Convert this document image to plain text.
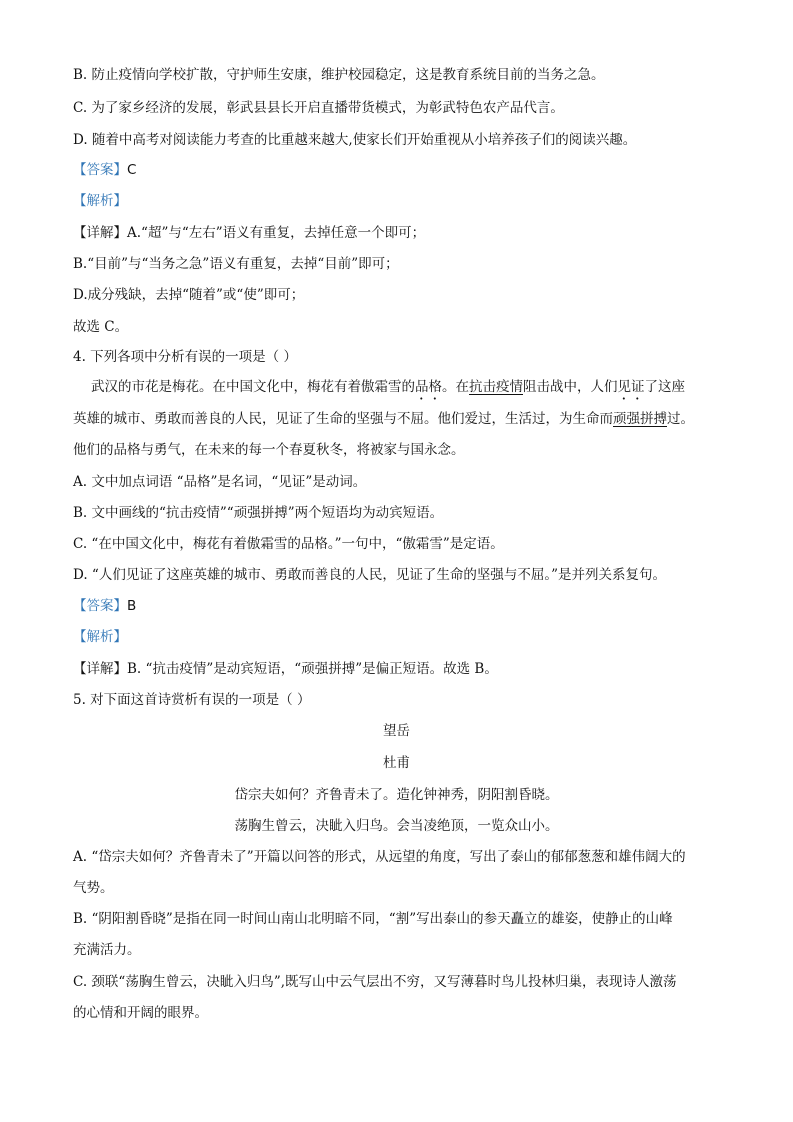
B. 防止疫情向学校扩散，守护师生安康，维护校园稳定，这是教育系统目前的当务之急。
C. 为了家乡经济的发展，彰武县县长开启直播带货模式，为彰武特色农产品代言。
D. 随着中高考对阅读能力考查的比重越来越大,使家长们开始重视从小培养孩子们的阅读兴趣。
【答案】C
【解析】
【详解】A.“超”与“左右”语义有重复，去掉任意一个即可；
B.“目前”与“当务之急”语义有重复，去掉“目前”即可；
D.成分残缺，去掉“随着”或“使”即可；
故选 C。
4. 下列各项中分析有误的一项是（ ）
武汉的市花是梅花。在中国文化中，梅花有着傲霜雪的品格。在抗击疫情阻击战中，人们见证了这座
英雄的城市、勇敢而善良的人民，见证了生命的坚强与不屈。他们爱过，生活过，为生命而顽强拼搏过。
他们的品格与勇气，在未来的每一个春夏秋冬，将被家与国永念。
A. 文中加点词语 “品格”是名词，“见证”是动词。
B. 文中画线的“抗击疫情”“顽强拼搏”两个短语均为动宾短语。
C. “在中国文化中，梅花有着傲霜雪的品格。”一句中，“傲霜雪”是定语。
D. “人们见证了这座英雄的城市、勇敢而善良的人民，见证了生命的坚强与不屈。”是并列关系复句。
【答案】B
【解析】
【详解】B. “抗击疫情”是动宾短语，“顽强拼搏”是偏正短语。故选 B。
5. 对下面这首诗赏析有误的一项是（ ）
望岳
杜甫
岱宗夫如何？齐鲁青未了。造化钟神秀，阴阳割昏晓。
荡胸生曾云，决眦入归鸟。会当凌绝顶，一览众山小。
A. “岱宗夫如何？齐鲁青未了”开篇以问答的形式，从远望的角度，写出了泰山的郁郁葱葱和雄伟阔大的
气势。
B. “阴阳割昏晓”是指在同一时间山南山北明暗不同，“割”写出泰山的参天矗立的雄姿，使静止的山峰
充满活力。
C. 颈联“荡胸生曾云，决眦入归鸟”,既写山中云气层出不穷，又写薄暮时鸟儿投林归巢，表现诗人激荡
的心情和开阔的眼界。
